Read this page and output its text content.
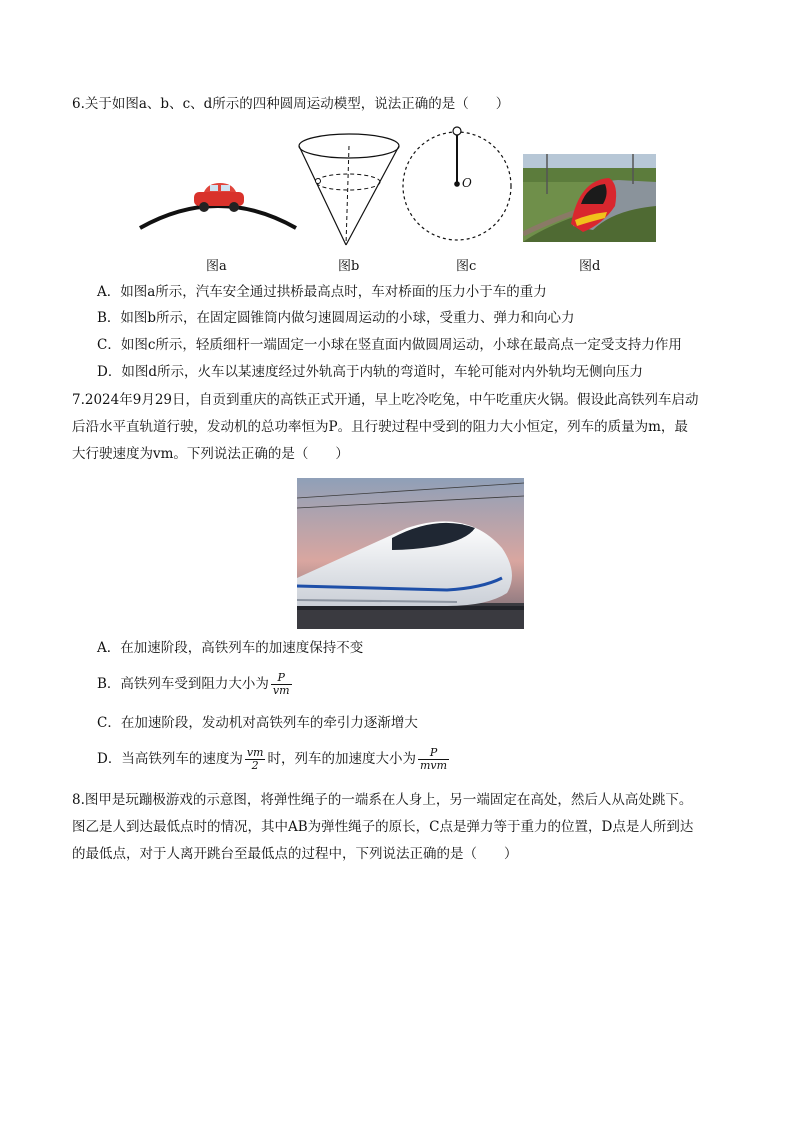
6.关于如图a、b、c、d所示的四种圆周运动模型，说法正确的是（　　）
O
图a	图b	图c	图d
A．如图a所示，汽车安全通过拱桥最高点时，车对桥面的压力小于车的重力
B．如图b所示，在固定圆锥筒内做匀速圆周运动的小球，受重力、弹力和向心力
C．如图c所示，轻质细杆一端固定一小球在竖直面内做圆周运动，小球在最高点一定受支持力作用
D．如图d所示，火车以某速度经过外轨高于内轨的弯道时，车轮可能对内外轨均无侧向压力
7.2024年9月29日，自贡到重庆的高铁正式开通，早上吃冷吃兔，中午吃重庆火锅。假设此高铁列车启动
后沿水平直轨道行驶，发动机的总功率恒为P。且行驶过程中受到的阻力大小恒定，列车的质量为m，最
大行驶速度为vm。下列说法正确的是（　　）
A．在加速阶段，高铁列车的加速度保持不变
B．高铁列车受到阻力大小为 $\frac{P}{vm}$
C．在加速阶段，发动机对高铁列车的牵引力逐渐增大
D．当高铁列车的速度为 $\frac{vm}{2}$ 时，列车的加速度大小为 $\frac{P}{\text{mvm}}$
8.图甲是玩蹦极游戏的示意图，将弹性绳子的一端系在人身上，另一端固定在高处，然后人从高处跳下。
图乙是人到达最低点时的情况，其中AB为弹性绳子的原长，C点是弹力等于重力的位置，D点是人所到达
的最低点，对于人离开跳台至最低点的过程中，下列说法正确的是（　　）
